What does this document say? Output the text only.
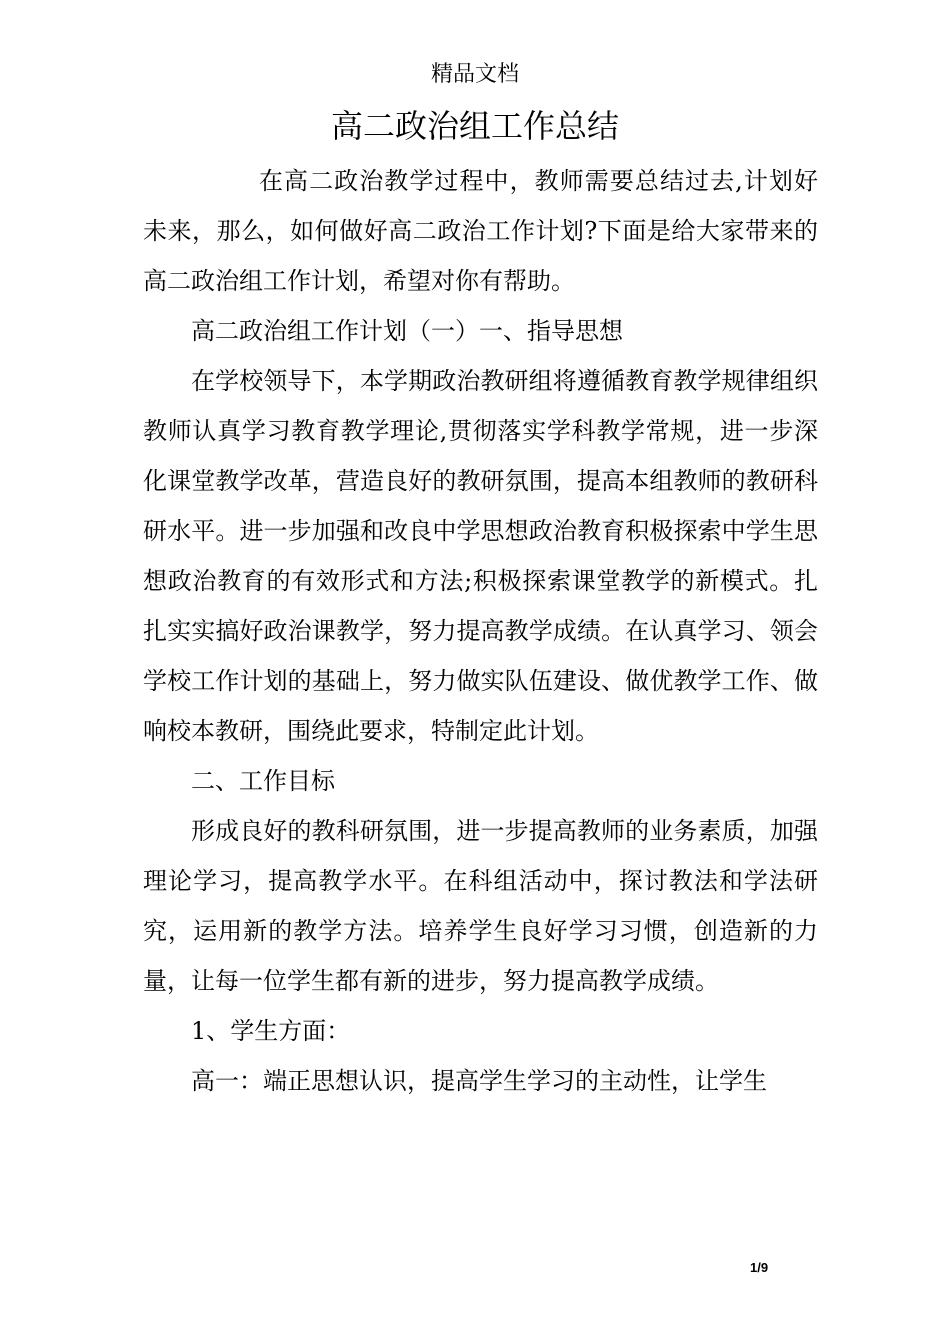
精品文档
高二政治组工作总结

在高二政治教学过程中，教师需要总结过去,计划好未来，那么，如何做好高二政治工作计划?下面是给大家带来的高二政治组工作计划，希望对你有帮助。

高二政治组工作计划（一）一、指导思想

在学校领导下，本学期政治教研组将遵循教育教学规律组织教师认真学习教育教学理论,贯彻落实学科教学常规，进一步深化课堂教学改革，营造良好的教研氛围，提高本组教师的教研科研水平。进一步加强和改良中学思想政治教育积极探索中学生思想政治教育的有效形式和方法;积极探索课堂教学的新模式。扎扎实实搞好政治课教学，努力提高教学成绩。在认真学习、领会学校工作计划的基础上，努力做实队伍建设、做优教学工作、做响校本教研，围绕此要求，特制定此计划。

二、工作目标

形成良好的教科研氛围，进一步提高教师的业务素质，加强理论学习，提高教学水平。在科组活动中，探讨教法和学法研究，运用新的教学方法。培养学生良好学习习惯，创造新的力量，让每一位学生都有新的进步，努力提高教学成绩。

1、学生方面：

高一：端正思想认识，提高学生学习的主动性，让学生

1/9
